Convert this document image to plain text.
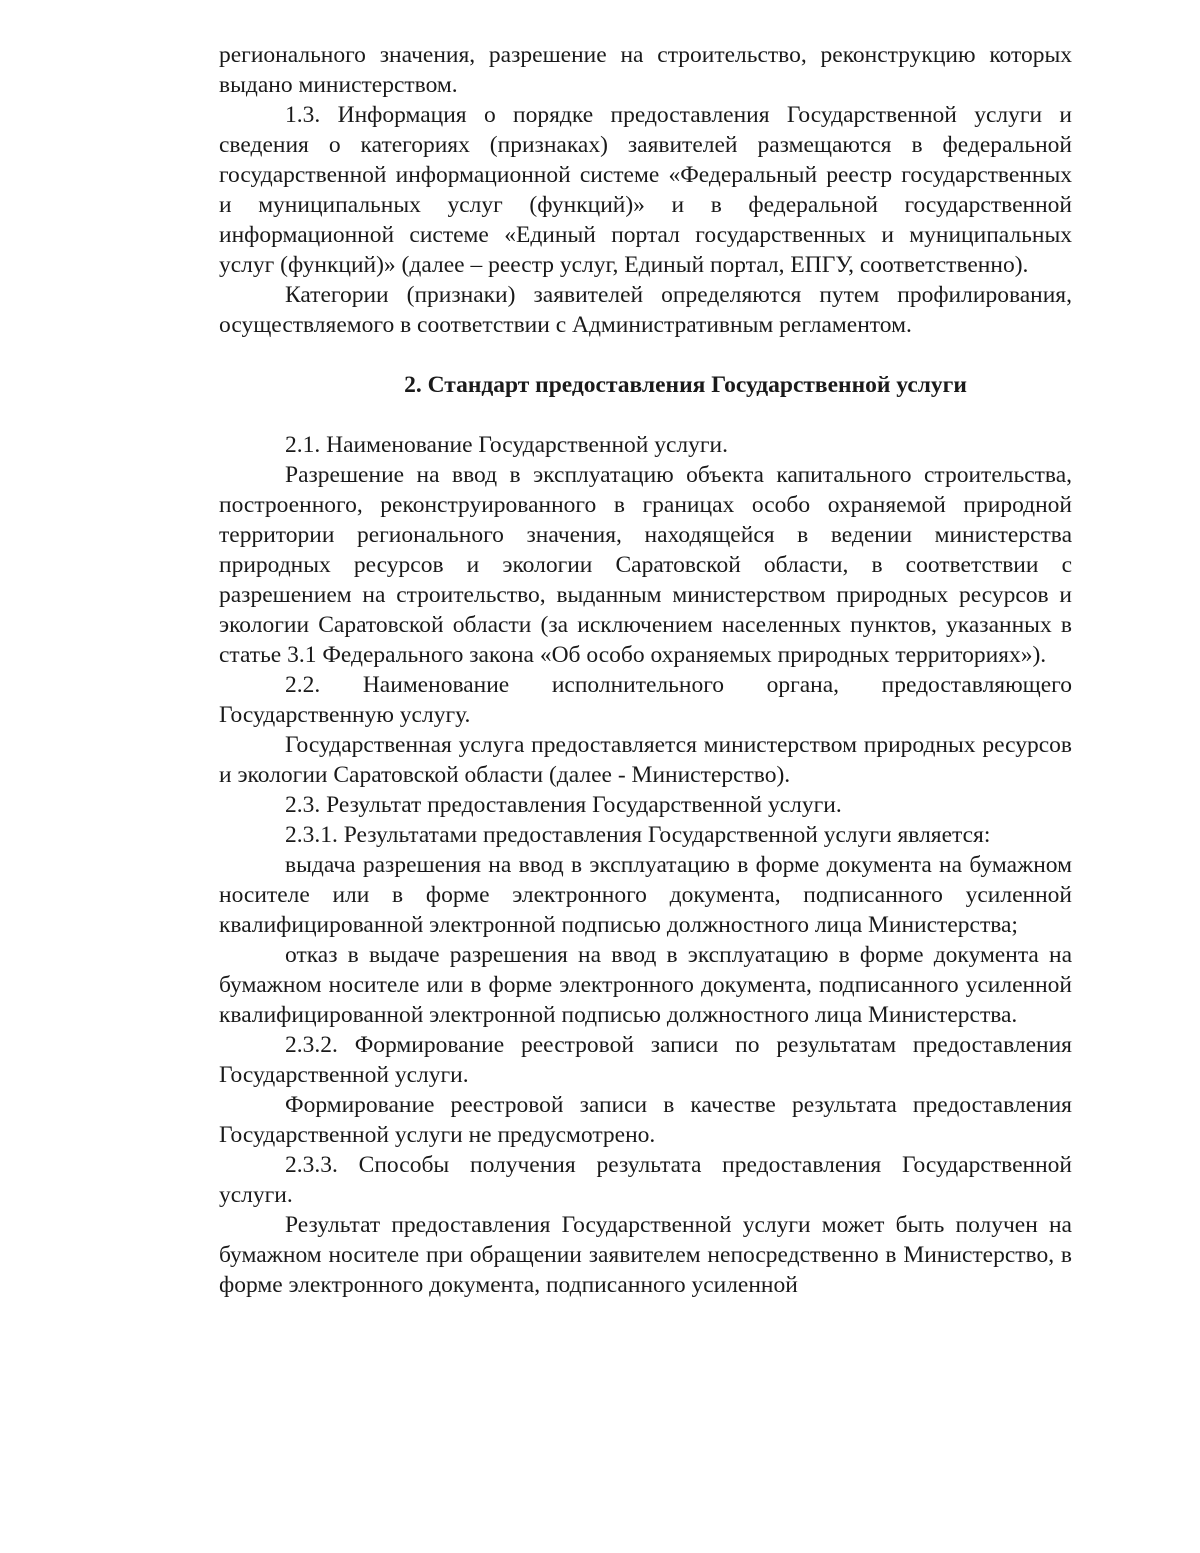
регионального значения, разрешение на строительство, реконструкцию которых выдано министерством.

1.3. Информация о порядке предоставления Государственной услуги и сведения о категориях (признаках) заявителей размещаются в федеральной государственной информационной системе «Федеральный реестр государственных и муниципальных услуг (функций)» и в федеральной государственной информационной системе «Единый портал государственных и муниципальных услуг (функций)» (далее – реестр услуг, Единый портал, ЕПГУ, соответственно).

Категории (признаки) заявителей определяются путем профилирования, осуществляемого в соответствии с Административным регламентом.

2. Стандарт предоставления Государственной услуги

2.1. Наименование Государственной услуги.

Разрешение на ввод в эксплуатацию объекта капитального строительства, построенного, реконструированного в границах особо охраняемой природной территории регионального значения, находящейся в ведении министерства природных ресурсов и экологии Саратовской области, в соответствии с разрешением на строительство, выданным министерством природных ресурсов и экологии Саратовской области (за исключением населенных пунктов, указанных в статье 3.1 Федерального закона «Об особо охраняемых природных территориях»).

2.2. Наименование исполнительного органа, предоставляющего Государственную услугу.

Государственная услуга предоставляется министерством природных ресурсов и экологии Саратовской области (далее - Министерство).

2.3. Результат предоставления Государственной услуги.

2.3.1. Результатами предоставления Государственной услуги является:

выдача разрешения на ввод в эксплуатацию в форме документа на бумажном носителе или в форме электронного документа, подписанного усиленной квалифицированной электронной подписью должностного лица Министерства;

отказ в выдаче разрешения на ввод в эксплуатацию в форме документа на бумажном носителе или в форме электронного документа, подписанного усиленной квалифицированной электронной подписью должностного лица Министерства.

2.3.2. Формирование реестровой записи по результатам предоставления Государственной услуги.

Формирование реестровой записи в качестве результата предоставления Государственной услуги не предусмотрено.

2.3.3. Способы получения результата предоставления Государственной услуги.

Результат предоставления Государственной услуги может быть получен на бумажном носителе при обращении заявителем непосредственно в Министерство, в форме электронного документа, подписанного усиленной
